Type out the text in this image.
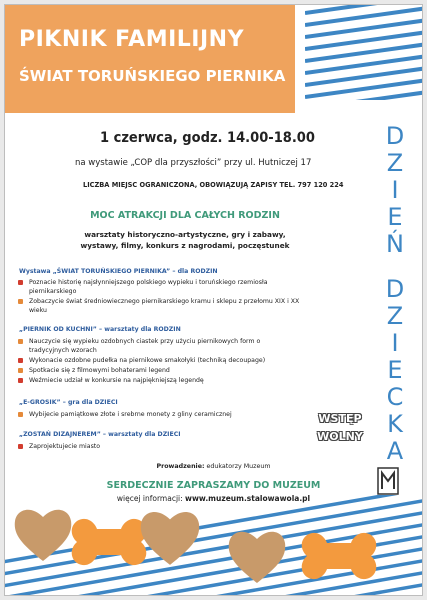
PIKNIK FAMILIJNY
ŚWIAT TORUŃSKIEGO PIERNIKA
1 czerwca, godz. 14.00-18.00
na wystawie „COP dla przyszłości” przy ul. Hutniczej 17
LICZBA MIEJSC OGRANICZONA, OBOWIĄZUJĄ ZAPISY TEL. 797 120 224
MOC ATRAKCJI DLA CAŁYCH RODZIN
warsztaty historyczno-artystyczne, gry i zabawy, wystawy, filmy, konkurs z nagrodami, poczęstunek
Wystawa „ŚWIAT TORUŃSKIEGO PIERNIKA” – dla RODZIN
Poznacie historię najsłynniejszego polskiego wypieku i toruńskiego rzemiosła piernikarskiego
Zobaczycie świat średniowiecznego piernikarskiego kramu i sklepu z przełomu XIX i XX wieku
„PIERNIK OD KUCHNI” – warsztaty dla RODZIN
Nauczycie się wypieku ozdobnych ciastek przy użyciu piernikowych form o tradycyjnych wzorach
Wykonacie ozdobne pudełka na piernikowe smakołyki (techniką decoupage)
Spotkacie się z filmowymi bohaterami legend
Weźmiecie udział w konkursie na najpiękniejszą legendę
„E-GROSIK” – gra dla DZIECI
Wybijecie pamiątkowe złote i srebrne monety z gliny ceramicznej
„ZOSTAŃ DIZAJNEREM” – warsztaty dla DZIECI
Zaprojektujecie miasto
Prowadzenie: edukatorzy Muzeum
SERDECZNIE ZAPRASZAMY DO MUZEUM
więcej informacji: www.muzeum.stalowawola.pl
D
Z
I
E
Ń
D
Z
I
E
C
K
A
WSTĘP
WOLNY
